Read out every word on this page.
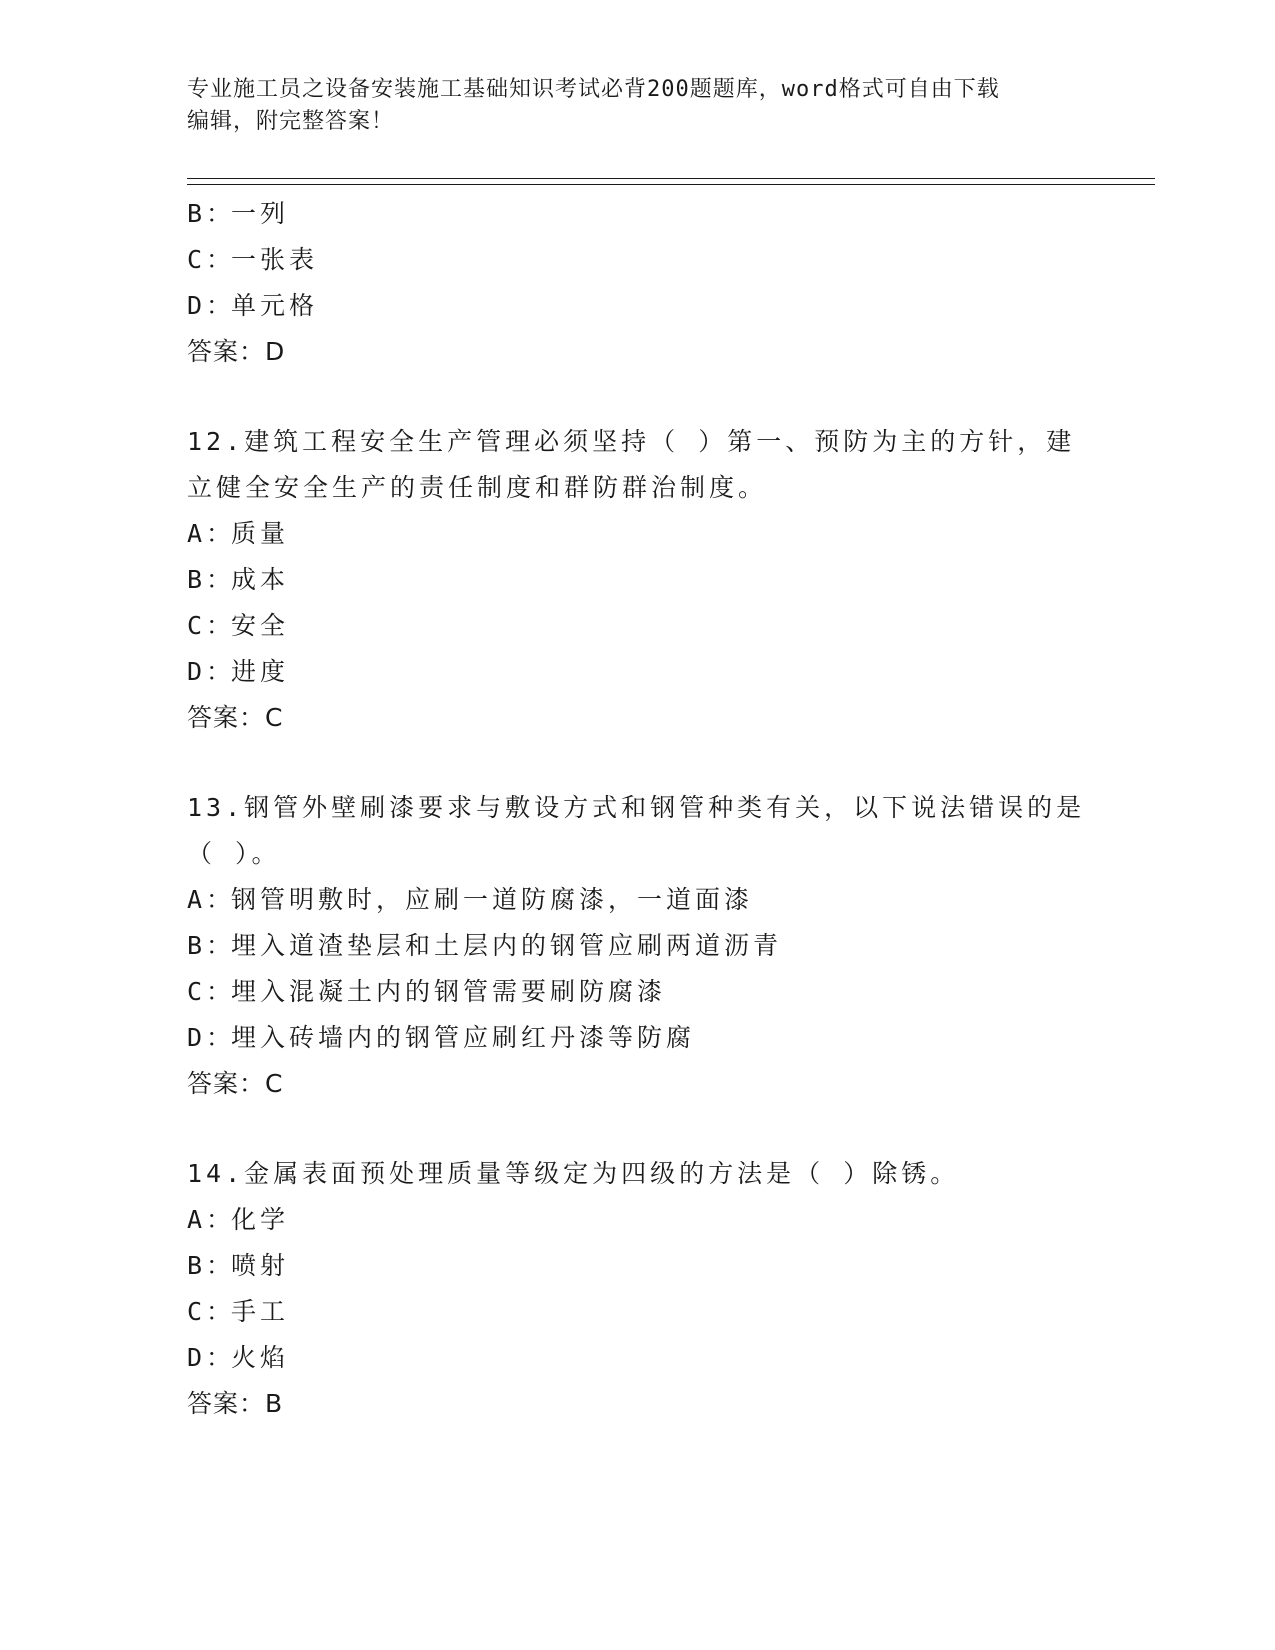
专业施工员之设备安装施工基础知识考试必背200题题库，word格式可自由下载
编辑，附完整答案！
B：一列
C：一张表
D：单元格
答案：D
12.建筑工程安全生产管理必须坚持（ ）第一、预防为主的方针，建
立健全安全生产的责任制度和群防群治制度。
A：质量
B：成本
C：安全
D：进度
答案：C
13.钢管外壁刷漆要求与敷设方式和钢管种类有关，以下说法错误的是
（ ）。
A：钢管明敷时，应刷一道防腐漆，一道面漆
B：埋入道渣垫层和土层内的钢管应刷两道沥青
C：埋入混凝土内的钢管需要刷防腐漆
D：埋入砖墙内的钢管应刷红丹漆等防腐
答案：C
14.金属表面预处理质量等级定为四级的方法是（ ）除锈。
A：化学
B：喷射
C：手工
D：火焰
答案：B
